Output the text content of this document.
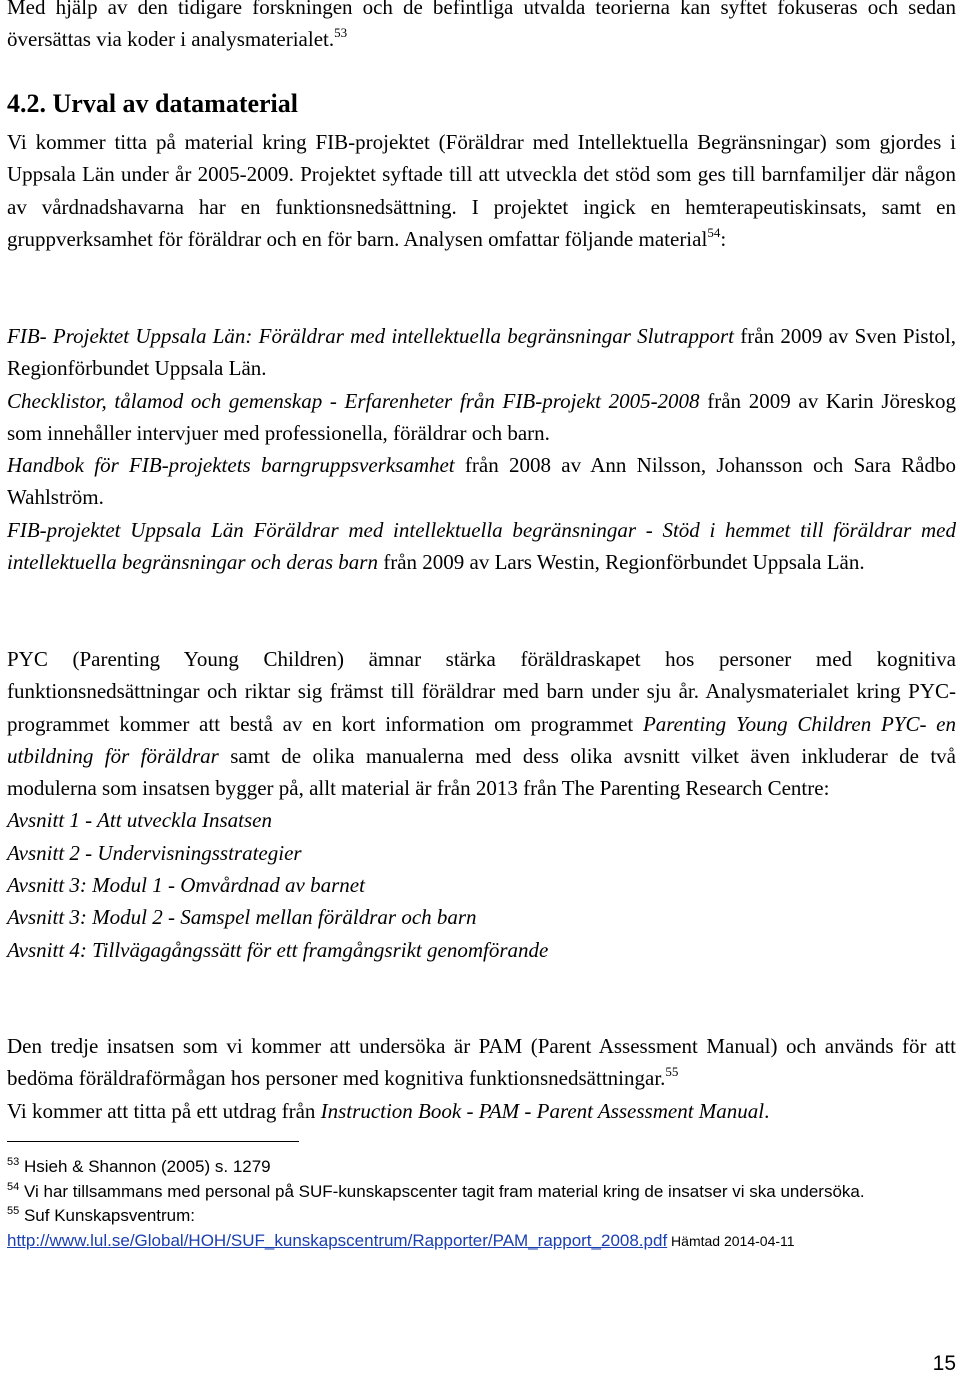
Med hjälp av den tidigare forskningen och de befintliga utvalda teorierna kan syftet fokuseras och sedan översättas via koder i analysmaterialet.$^{53}$

4.2. Urval av datamaterial

Vi kommer titta på material kring FIB-projektet (Föräldrar med Intellektuella Begränsningar) som gjordes i Uppsala Län under år 2005-2009. Projektet syftade till att utveckla det stöd som ges till barnfamiljer där någon av vårdnadshavarna har en funktionsnedsättning. I projektet ingick en hemterapeutiskinsats, samt en gruppverksamhet för föräldrar och en för barn. Analysen omfattar följande material$^{54}$:

FIB- Projektet Uppsala Län: Föräldrar med intellektuella begränsningar Slutrapport från 2009 av Sven Pistol, Regionförbundet Uppsala Län.

Checklistor, tålamod och gemenskap - Erfarenheter från FIB-projekt 2005-2008 från 2009 av Karin Jöreskog som innehåller intervjuer med professionella, föräldrar och barn.

Handbok för FIB-projektets barngruppsverksamhet från 2008 av Ann Nilsson, Johansson och Sara Rådbo Wahlström.

FIB-projektet Uppsala Län Föräldrar med intellektuella begränsningar - Stöd i hemmet till föräldrar med intellektuella begränsningar och deras barn från 2009 av Lars Westin, Regionförbundet Uppsala Län.

PYC (Parenting Young Children) ämnar stärka föräldraskapet hos personer med kognitiva funktionsnedsättningar och riktar sig främst till föräldrar med barn under sju år. Analysmaterialet kring PYC-programmet kommer att bestå av en kort information om programmet Parenting Young Children PYC- en utbildning för föräldrar samt de olika manualerna med dess olika avsnitt vilket även inkluderar de två modulerna som insatsen bygger på, allt material är från 2013 från The Parenting Research Centre:

Avsnitt 1 - Att utveckla Insatsen
Avsnitt 2 - Undervisningsstrategier
Avsnitt 3: Modul 1 - Omvårdnad av barnet
Avsnitt 3: Modul 2 - Samspel mellan föräldrar och barn
Avsnitt 4: Tillvägagångssätt för ett framgångsrikt genomförande

Den tredje insatsen som vi kommer att undersöka är PAM (Parent Assessment Manual) och används för att bedöma föräldraförmågan hos personer med kognitiva funktionsnedsättningar.$^{55}$
Vi kommer att titta på ett utdrag från Instruction Book - PAM - Parent Assessment Manual.

$^{53}$ Hsieh & Shannon (2005) s. 1279

$^{54}$ Vi har tillsammans med personal på SUF-kunskapscenter tagit fram material kring de insatser vi ska undersöka.

$^{55}$ Suf Kunskapsventrum:
http://www.lul.se/Global/HOH/SUF_kunskapscentrum/Rapporter/PAM_rapport_2008.pdf Hämtad 2014-04-11

15
